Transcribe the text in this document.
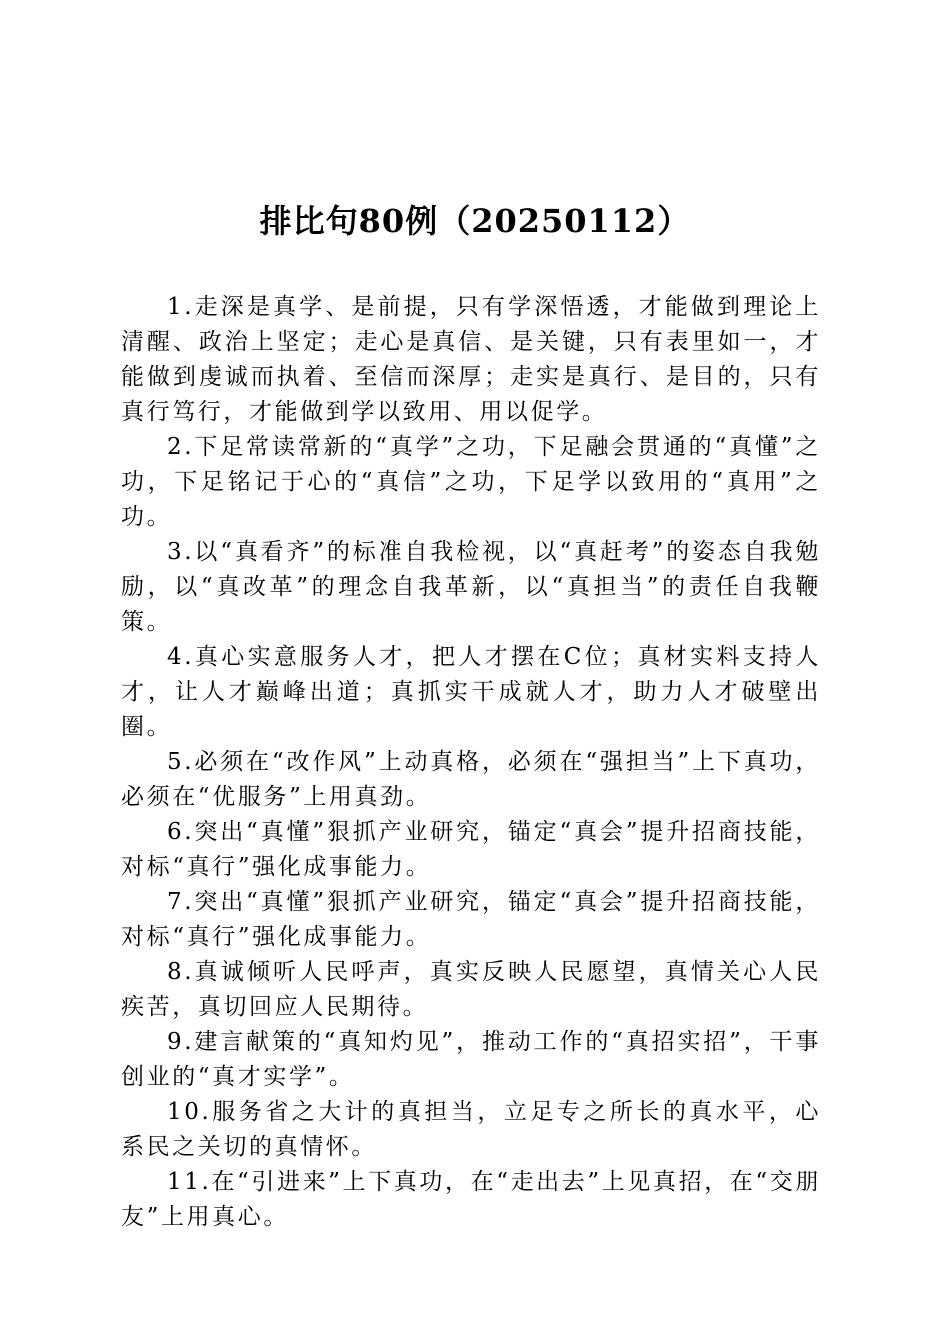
排比句80例（20250112）

1.走深是真学、是前提，只有学深悟透，才能做到理论上清醒、政治上坚定；走心是真信、是关键，只有表里如一，才能做到虔诚而执着、至信而深厚；走实是真行、是目的，只有真行笃行，才能做到学以致用、用以促学。

2.下足常读常新的“真学”之功，下足融会贯通的“真懂”之功，下足铭记于心的“真信”之功，下足学以致用的“真用”之功。

3.以“真看齐”的标准自我检视，以“真赶考”的姿态自我勉励，以“真改革”的理念自我革新，以“真担当”的责任自我鞭策。

4.真心实意服务人才，把人才摆在C位；真材实料支持人才，让人才巅峰出道；真抓实干成就人才，助力人才破壁出圈。

5.必须在“改作风”上动真格，必须在“强担当”上下真功，必须在“优服务”上用真劲。

6.突出“真懂”狠抓产业研究，锚定“真会”提升招商技能，对标“真行”强化成事能力。

7.突出“真懂”狠抓产业研究，锚定“真会”提升招商技能，对标“真行”强化成事能力。

8.真诚倾听人民呼声，真实反映人民愿望，真情关心人民疾苦，真切回应人民期待。

9.建言献策的“真知灼见”，推动工作的“真招实招”，干事创业的“真才实学”。

10.服务省之大计的真担当，立足专之所长的真水平，心系民之关切的真情怀。

11.在“引进来”上下真功，在“走出去”上见真招，在“交朋友”上用真心。
